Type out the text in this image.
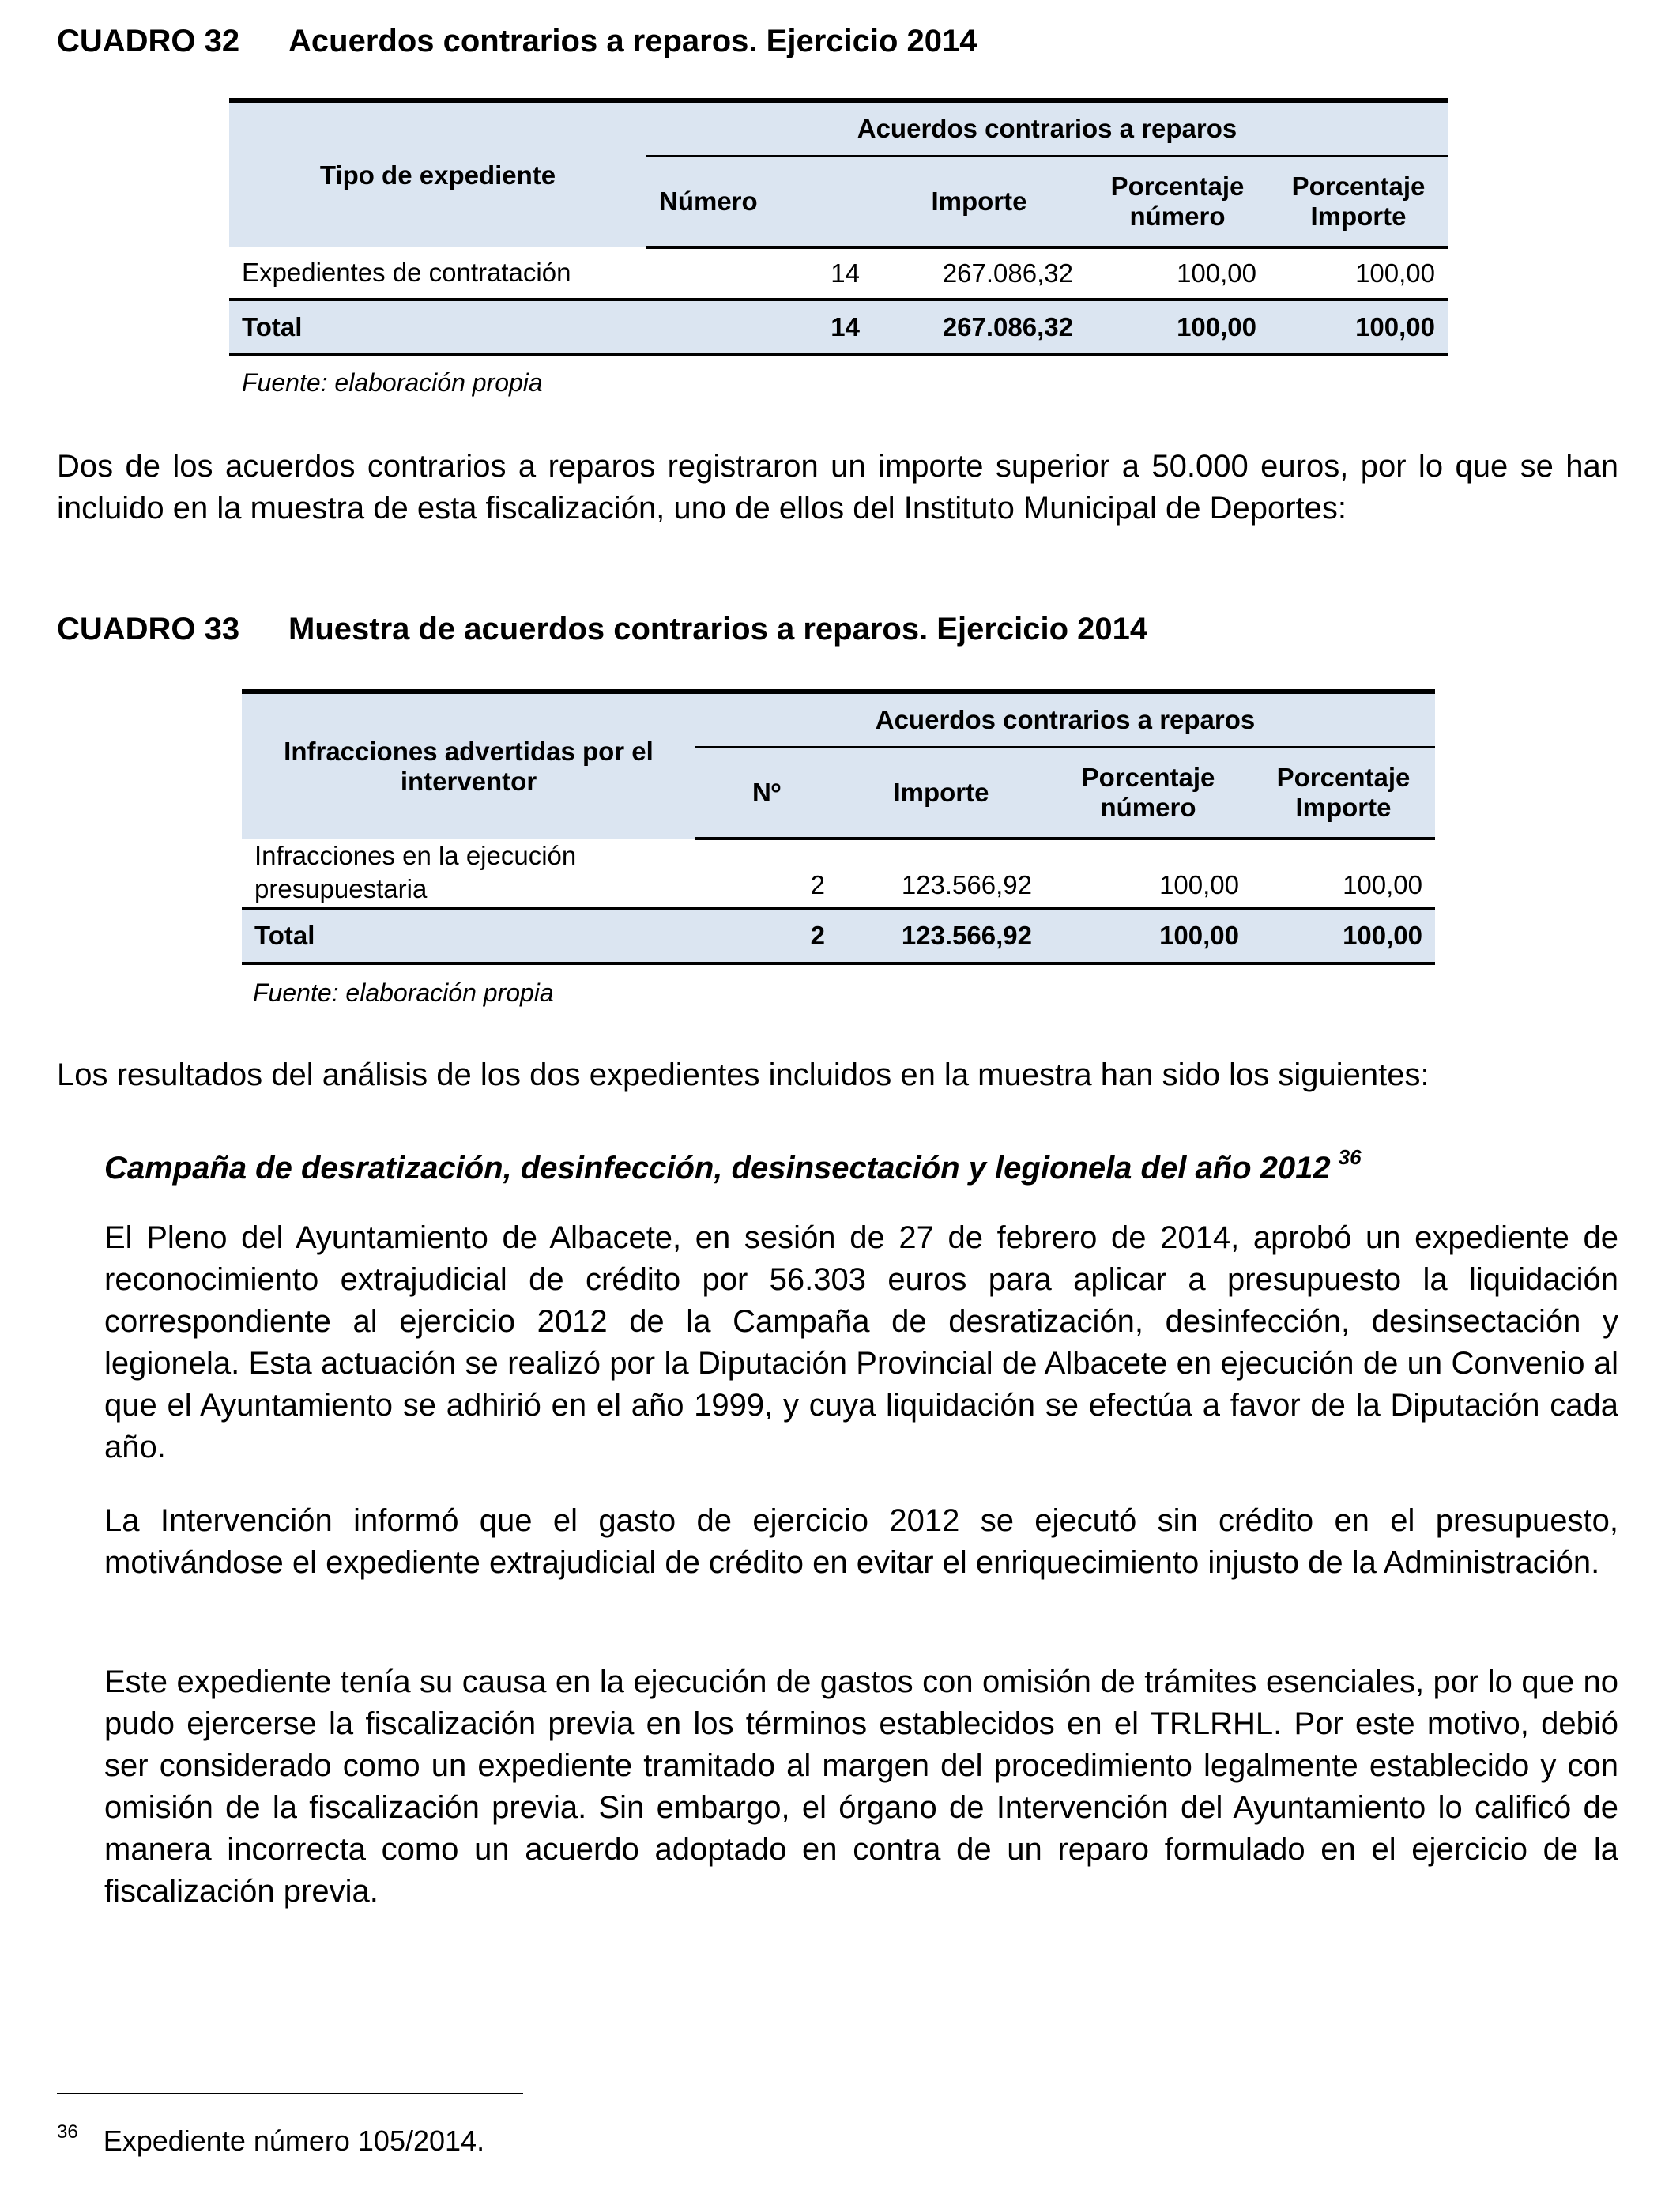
CUADRO 32 Acuerdos contrarios a reparos. Ejercicio 2014
Tipo de expediente	Acuerdos contrarios a reparos			
	Número	Importe	Porcentaje número	Porcentaje Importe
Expedientes de contratación	14	267.086,32	100,00	100,00
Total	14	267.086,32	100,00	100,00
Fuente: elaboración propia

Dos de los acuerdos contrarios a reparos registraron un importe superior a 50.000 euros, por lo que se han incluido en la muestra de esta fiscalización, uno de ellos del Instituto Municipal de Deportes:

CUADRO 33 Muestra de acuerdos contrarios a reparos. Ejercicio 2014
Infracciones advertidas por el interventor	Acuerdos contrarios a reparos			
	Nº	Importe	Porcentaje número	Porcentaje Importe
Infracciones en la ejecución presupuestaria	2	123.566,92	100,00	100,00
Total	2	123.566,92	100,00	100,00
Fuente: elaboración propia

Los resultados del análisis de los dos expedientes incluidos en la muestra han sido los siguientes:

Campaña de desratización, desinfección, desinsectación y legionela del año 2012 $^{36}$

El Pleno del Ayuntamiento de Albacete, en sesión de 27 de febrero de 2014, aprobó un expediente de reconocimiento extrajudicial de crédito por 56.303 euros para aplicar a presupuesto la liquidación correspondiente al ejercicio 2012 de la Campaña de desratización, desinfección, desinsectación y legionela. Esta actuación se realizó por la Diputación Provincial de Albacete en ejecución de un Convenio al que el Ayuntamiento se adhirió en el año 1999, y cuya liquidación se efectúa a favor de la Diputación cada año.

La Intervención informó que el gasto de ejercicio 2012 se ejecutó sin crédito en el presupuesto, motivándose el expediente extrajudicial de crédito en evitar el enriquecimiento injusto de la Administración.

Este expediente tenía su causa en la ejecución de gastos con omisión de trámites esenciales, por lo que no pudo ejercerse la fiscalización previa en los términos establecidos en el TRLRHL. Por este motivo, debió ser considerado como un expediente tramitado al margen del procedimiento legalmente establecido y con omisión de la fiscalización previa. Sin embargo, el órgano de Intervención del Ayuntamiento lo calificó de manera incorrecta como un acuerdo adoptado en contra de un reparo formulado en el ejercicio de la fiscalización previa.

$^{36}$ Expediente número 105/2014.
